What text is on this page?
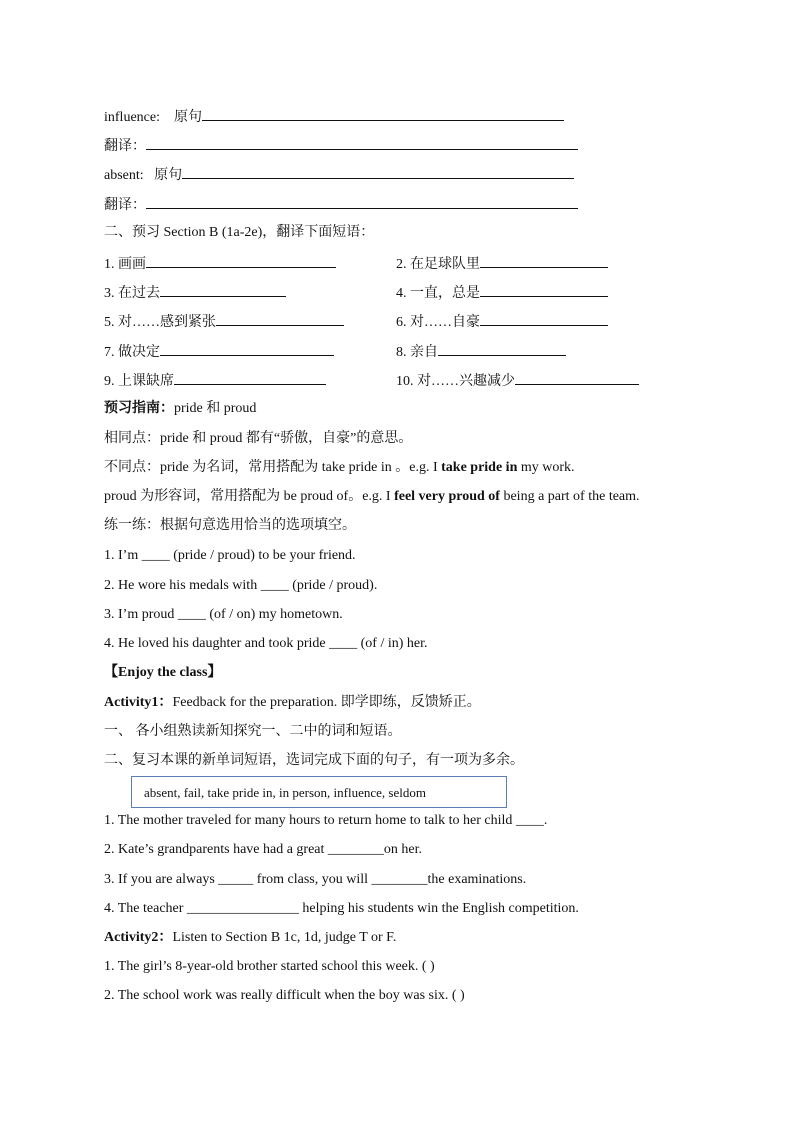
influence: 原句
翻译：
absent: 原句
翻译：
二、预习 Section B (1a-2e)，翻译下面短语：
1. 画画	2. 在足球队里
3. 在过去	4. 一直，总是
5. 对……感到紧张	6. 对……自豪
7. 做决定	8. 亲自
9. 上课缺席	10. 对……兴趣减少
预习指南：pride 和 proud
相同点：pride 和 proud 都有“骄傲，自豪”的意思。
不同点：pride 为名词，常用搭配为 take pride in 。e.g. I take pride in my work.
proud 为形容词，常用搭配为 be proud of。e.g. I feel very proud of being a part of the team.
练一练：根据句意选用恰当的选项填空。
1. I’m ____ (pride / proud) to be your friend.
2. He wore his medals with ____ (pride / proud).
3. I’m proud ____ (of / on) my hometown.
4. He loved his daughter and took pride ____ (of / in) her.
【Enjoy the class】
Activity1：Feedback for the preparation. 即学即练，反馈矫正。
一、 各小组熟读新知探究一、二中的词和短语。
二、复习本课的新单词短语，选词完成下面的句子，有一项为多余。
absent, fail, take pride in, in person, influence, seldom
1. The mother traveled for many hours to return home to talk to her child ____.
2. Kate’s grandparents have had a great ________on her.
3. If you are always _____ from class, you will ________the examinations.
4. The teacher ________________ helping his students win the English competition.
Activity2：Listen to Section B 1c, 1d, judge T or F.
1. The girl’s 8-year-old brother started school this week. ( )
2. The school work was really difficult when the boy was six. ( )
